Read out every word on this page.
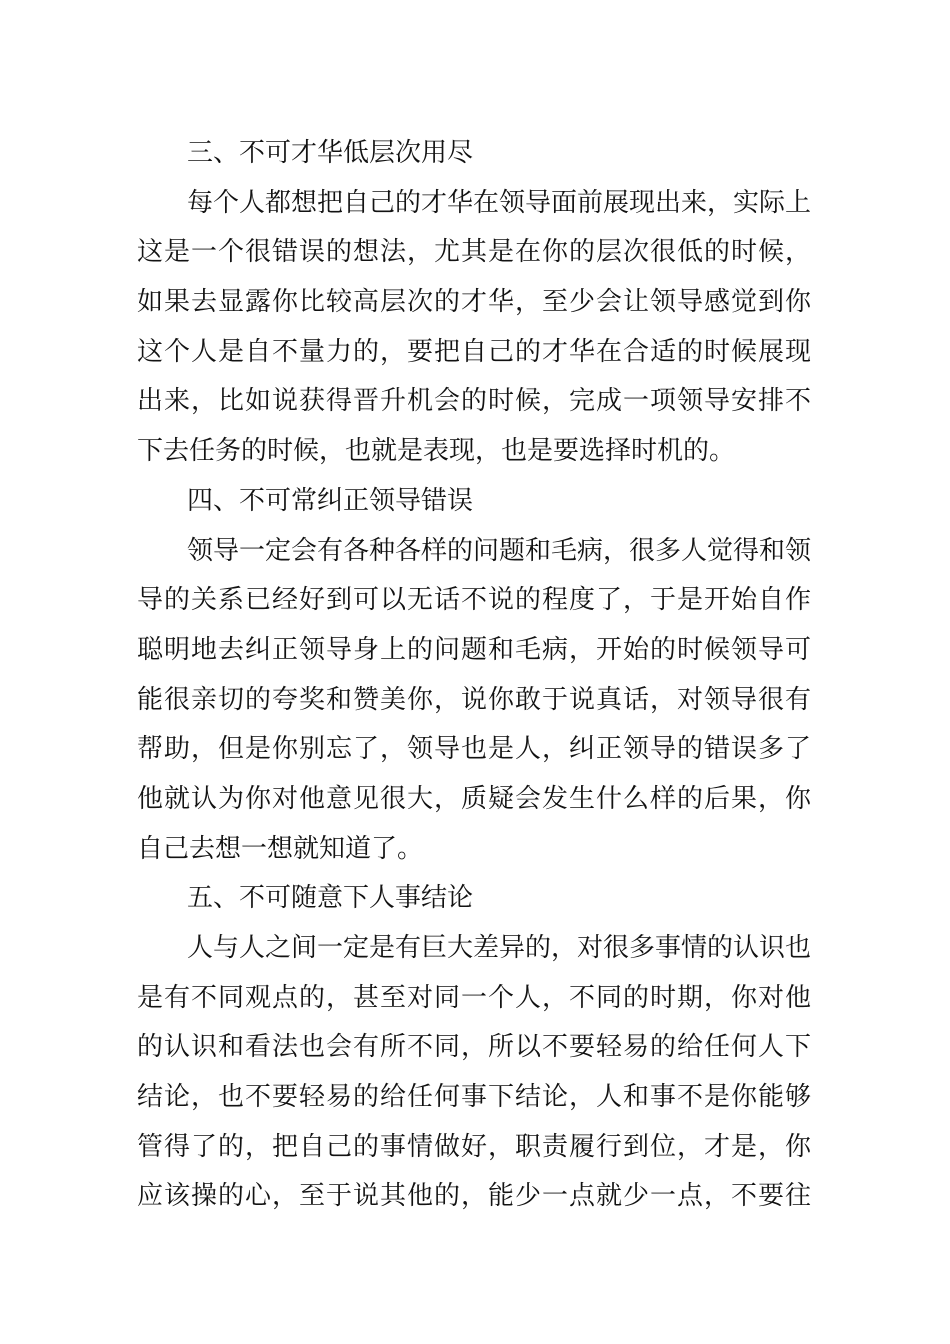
三、不可才华低层次用尽
每个人都想把自己的才华在领导面前展现出来，实际上
这是一个很错误的想法，尤其是在你的层次很低的时候，
如果去显露你比较高层次的才华，至少会让领导感觉到你
这个人是自不量力的，要把自己的才华在合适的时候展现
出来，比如说获得晋升机会的时候，完成一项领导安排不
下去任务的时候，也就是表现，也是要选择时机的。
四、不可常纠正领导错误
领导一定会有各种各样的问题和毛病，很多人觉得和领
导的关系已经好到可以无话不说的程度了，于是开始自作
聪明地去纠正领导身上的问题和毛病，开始的时候领导可
能很亲切的夸奖和赞美你，说你敢于说真话，对领导很有
帮助，但是你别忘了，领导也是人，纠正领导的错误多了
他就认为你对他意见很大，质疑会发生什么样的后果，你
自己去想一想就知道了。
五、不可随意下人事结论
人与人之间一定是有巨大差异的，对很多事情的认识也
是有不同观点的，甚至对同一个人，不同的时期，你对他
的认识和看法也会有所不同，所以不要轻易的给任何人下
结论，也不要轻易的给任何事下结论，人和事不是你能够
管得了的，把自己的事情做好，职责履行到位，才是，你
应该操的心，至于说其他的，能少一点就少一点，不要往
